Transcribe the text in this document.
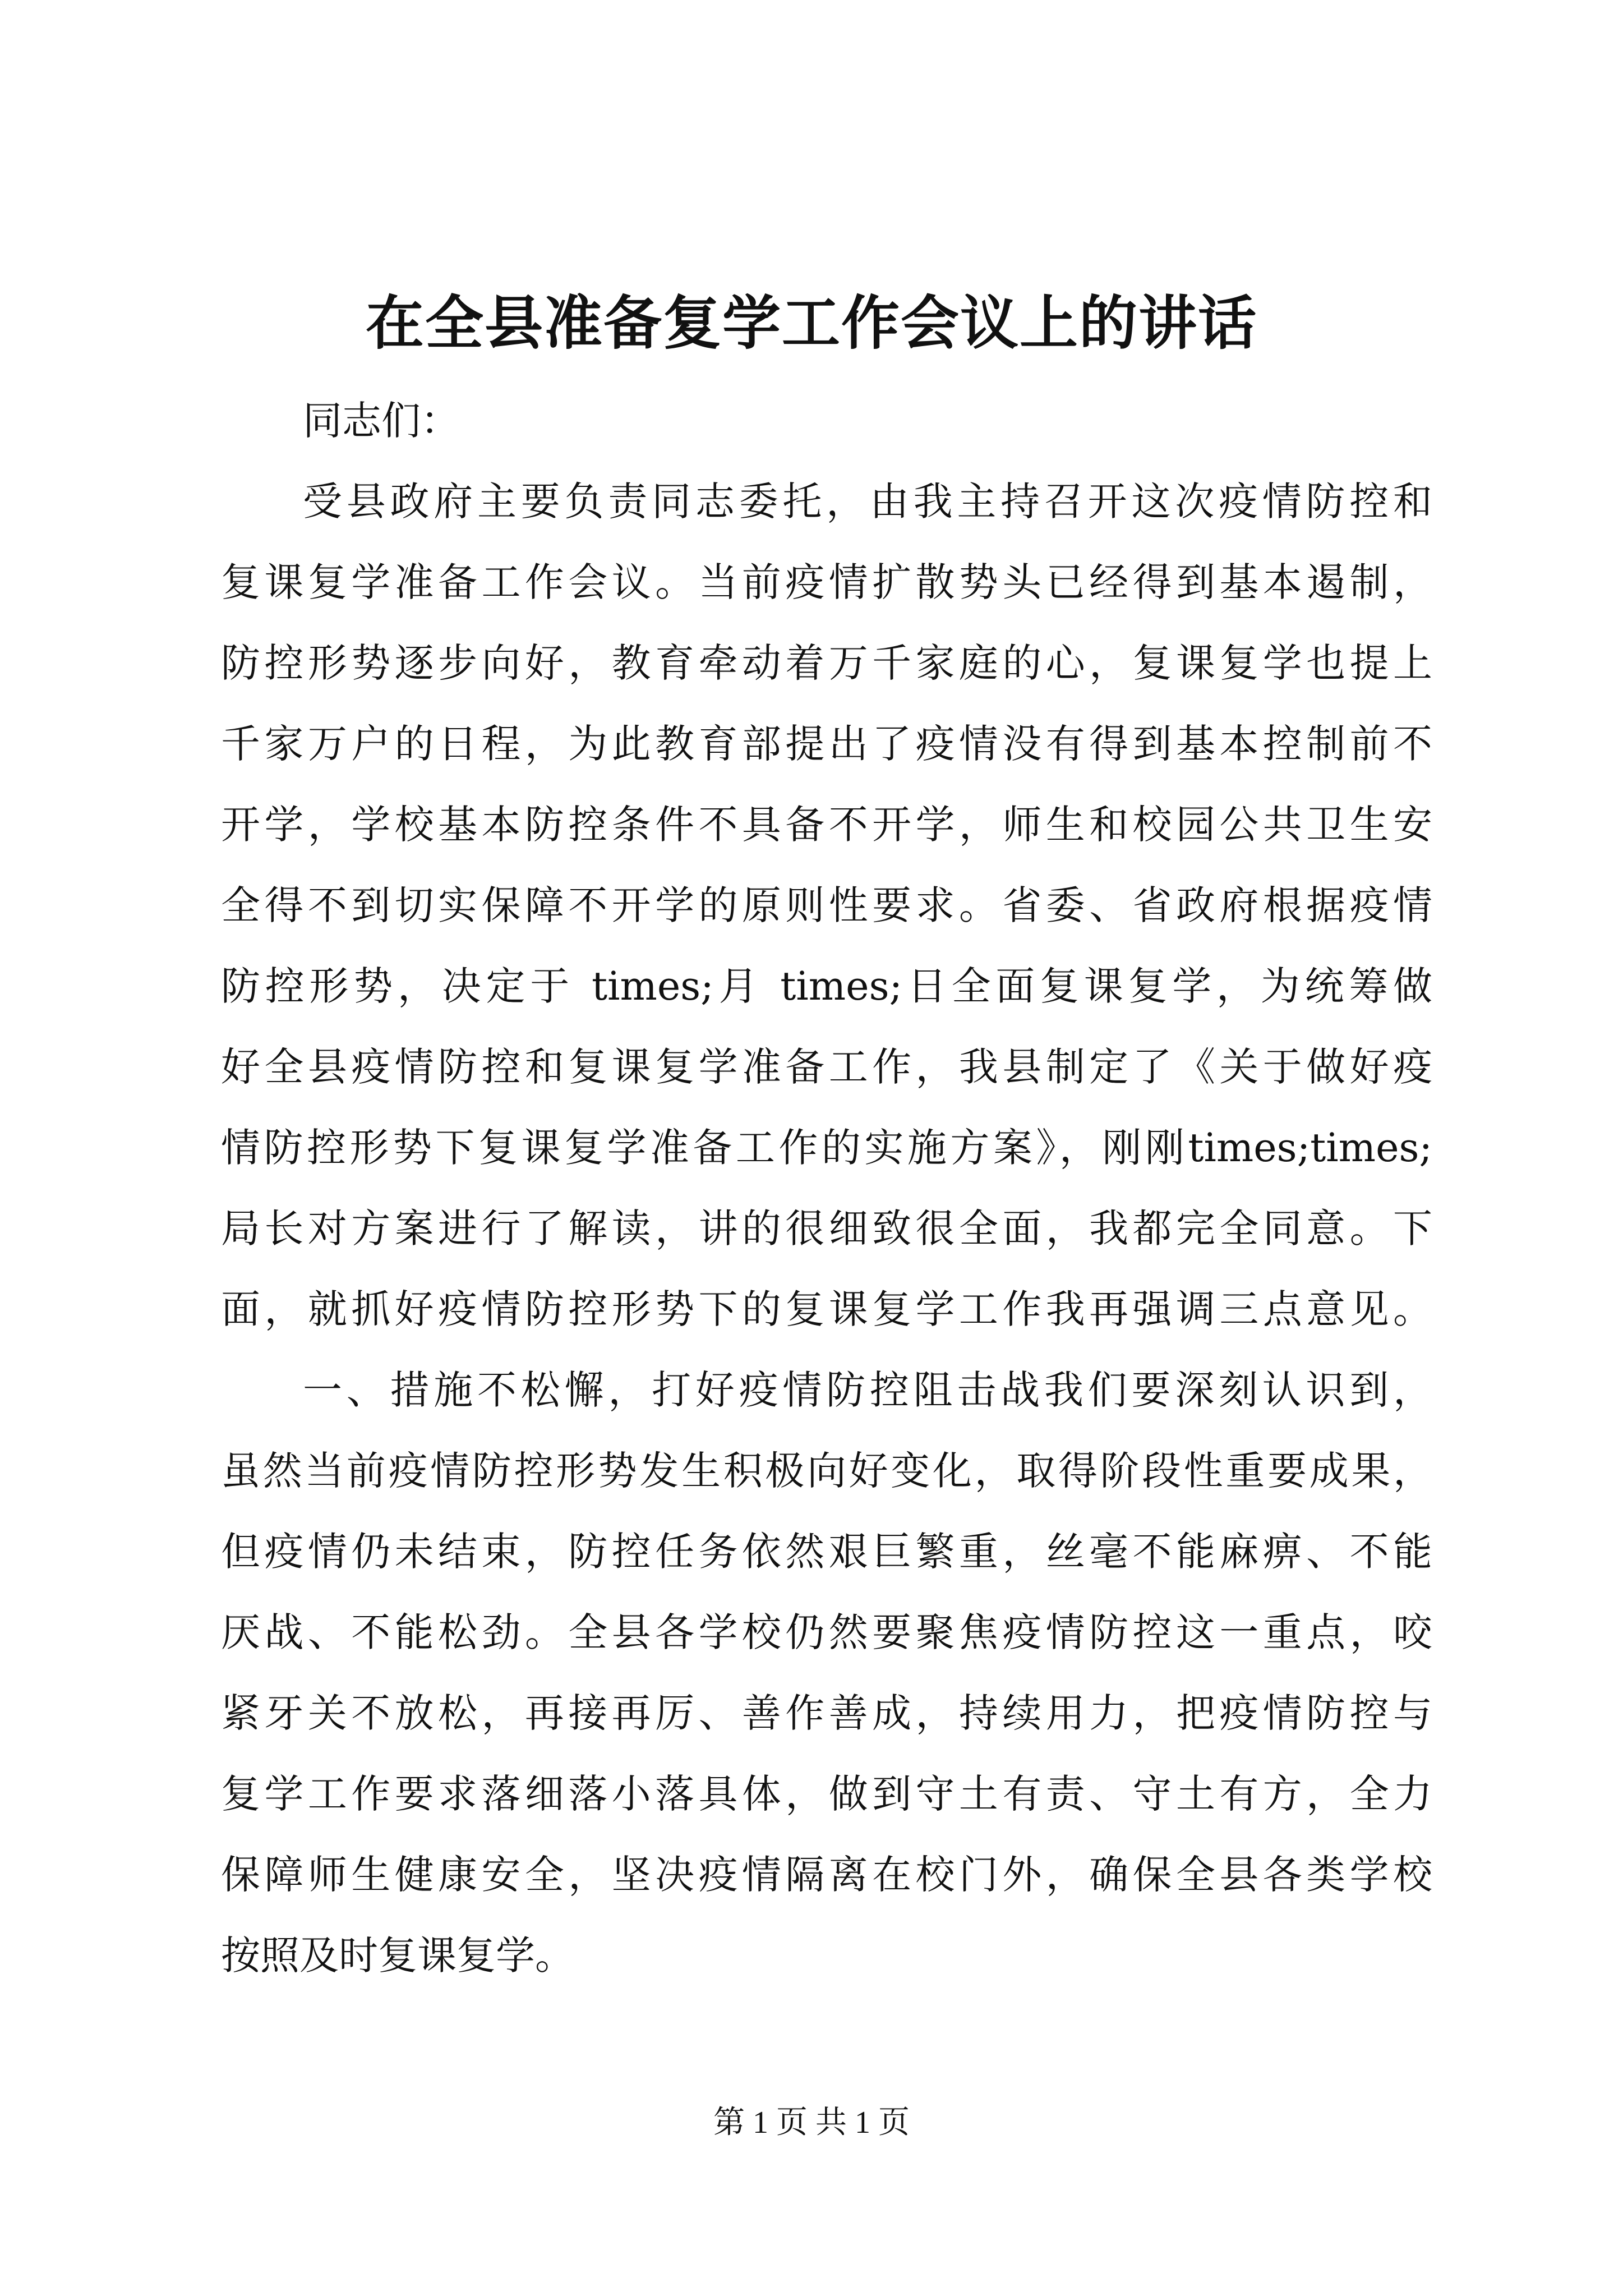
在全县准备复学工作会议上的讲话
同志们：
受县政府主要负责同志委托，由我主持召开这次疫情防控和
复课复学准备工作会议。当前疫情扩散势头已经得到基本遏制，
防控形势逐步向好，教育牵动着万千家庭的心，复课复学也提上
千家万户的日程，为此教育部提出了疫情没有得到基本控制前不
开学，学校基本防控条件不具备不开学，师生和校园公共卫生安
全得不到切实保障不开学的原则性要求。省委、省政府根据疫情
防控形势，决定于 times;月 times;日全面复课复学，为统筹做
好全县疫情防控和复课复学准备工作，我县制定了《关于做好疫
情防控形势下复课复学准备工作的实施方案》，刚刚times;times;
局长对方案进行了解读，讲的很细致很全面，我都完全同意。下
面，就抓好疫情防控形势下的复课复学工作我再强调三点意见。
一、措施不松懈，打好疫情防控阻击战我们要深刻认识到，
虽然当前疫情防控形势发生积极向好变化，取得阶段性重要成果，
但疫情仍未结束，防控任务依然艰巨繁重，丝毫不能麻痹、不能
厌战、不能松劲。全县各学校仍然要聚焦疫情防控这一重点，咬
紧牙关不放松，再接再厉、善作善成，持续用力，把疫情防控与
复学工作要求落细落小落具体，做到守土有责、守土有方，全力
保障师生健康安全，坚决疫情隔离在校门外，确保全县各类学校
按照及时复课复学。
第 1 页 共 1 页
